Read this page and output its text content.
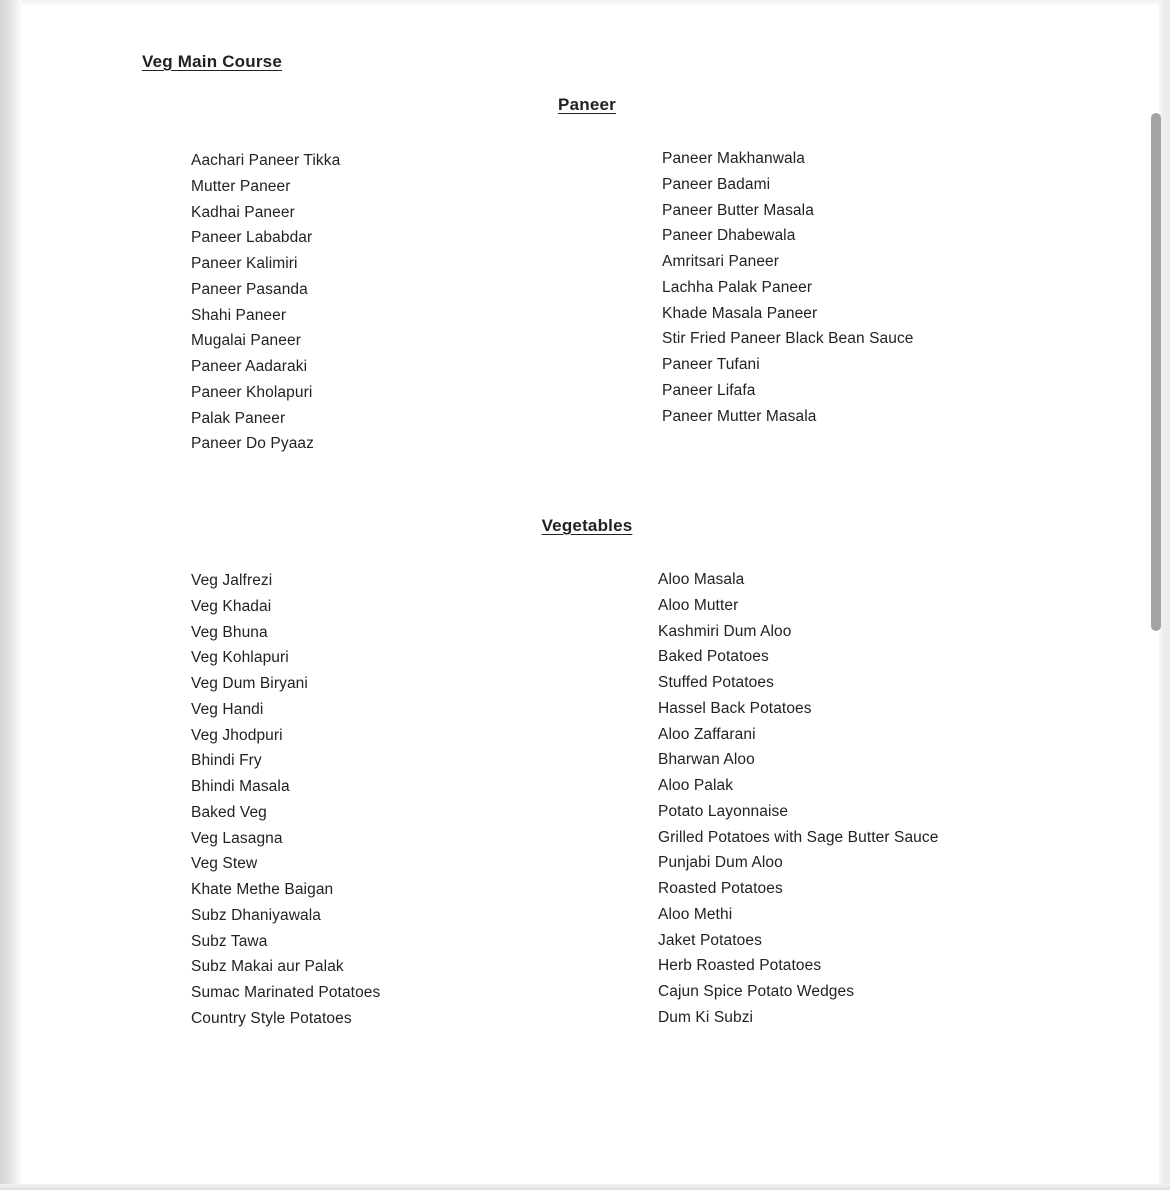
Veg Main Course
Paneer
Aachari Paneer Tikka
Mutter Paneer
Kadhai Paneer
Paneer Lababdar
Paneer Kalimiri
Paneer Pasanda
Shahi Paneer
Mugalai Paneer
Paneer Aadaraki
Paneer Kholapuri
Palak Paneer
Paneer Do Pyaaz
Paneer Makhanwala
Paneer Badami
Paneer Butter Masala
Paneer Dhabewala
Amritsari Paneer
Lachha Palak Paneer
Khade Masala Paneer
Stir Fried Paneer Black Bean Sauce
Paneer Tufani
Paneer Lifafa
Paneer Mutter Masala
Vegetables
Veg Jalfrezi
Veg Khadai
Veg Bhuna
Veg Kohlapuri
Veg Dum Biryani
Veg Handi
Veg Jhodpuri
Bhindi Fry
Bhindi Masala
Baked Veg
Veg Lasagna
Veg Stew
Khate Methe Baigan
Subz Dhaniyawala
Subz Tawa
Subz Makai aur Palak
Sumac Marinated Potatoes
Country Style Potatoes
Aloo Masala
Aloo Mutter
Kashmiri Dum Aloo
Baked Potatoes
Stuffed Potatoes
Hassel Back Potatoes
Aloo Zaffarani
Bharwan Aloo
Aloo Palak
Potato Layonnaise
Grilled Potatoes with Sage Butter Sauce
Punjabi Dum Aloo
Roasted Potatoes
Aloo Methi
Jaket Potatoes
Herb Roasted Potatoes
Cajun Spice Potato Wedges
Dum Ki Subzi
